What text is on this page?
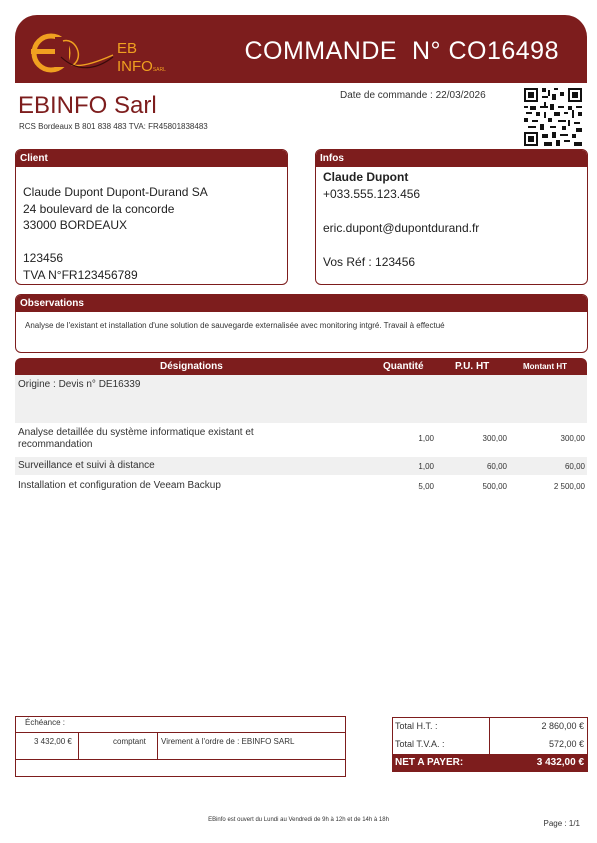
COMMANDE  N° CO16498
EB
INFOSARL
EBINFO Sarl
RCS Bordeaux B 801 838 483 TVA: FR45801838483
Date de commande : 22/03/2026
Client
Claude Dupont Dupont-Durand SA
24 boulevard de la concorde
33000 BORDEAUX
123456
TVA N°FR123456789
Infos
Claude Dupont
+033.555.123.456
eric.dupont@dupontdurand.fr
Vos Réf : 123456
Observations
Analyse de l'existant et installation d'une solution de sauvegarde externalisée avec monitoring intgré. Travail à effectué
Désignations	Quantité	P.U. HT	Montant HT
Origine : Devis n° DE16339
Analyse detaillée du système informatique existant et
recommandation
1,00	300,00	300,00
Surveillance et suivi à distance	1,00	60,00	60,00
Installation et configuration de Veeam Backup	5,00	500,00	2 500,00
Échéance :
3 432,00 €	comptant Virement à l'ordre de : EBINFO SARL
Total H.T. :	2 860,00 €
Total T.V.A. :	572,00 €
NET A PAYER:	3 432,00 €
EBinfo est ouvert du Lundi au Vendredi de 9h à 12h et de 14h à 18h	Page : 1/1
